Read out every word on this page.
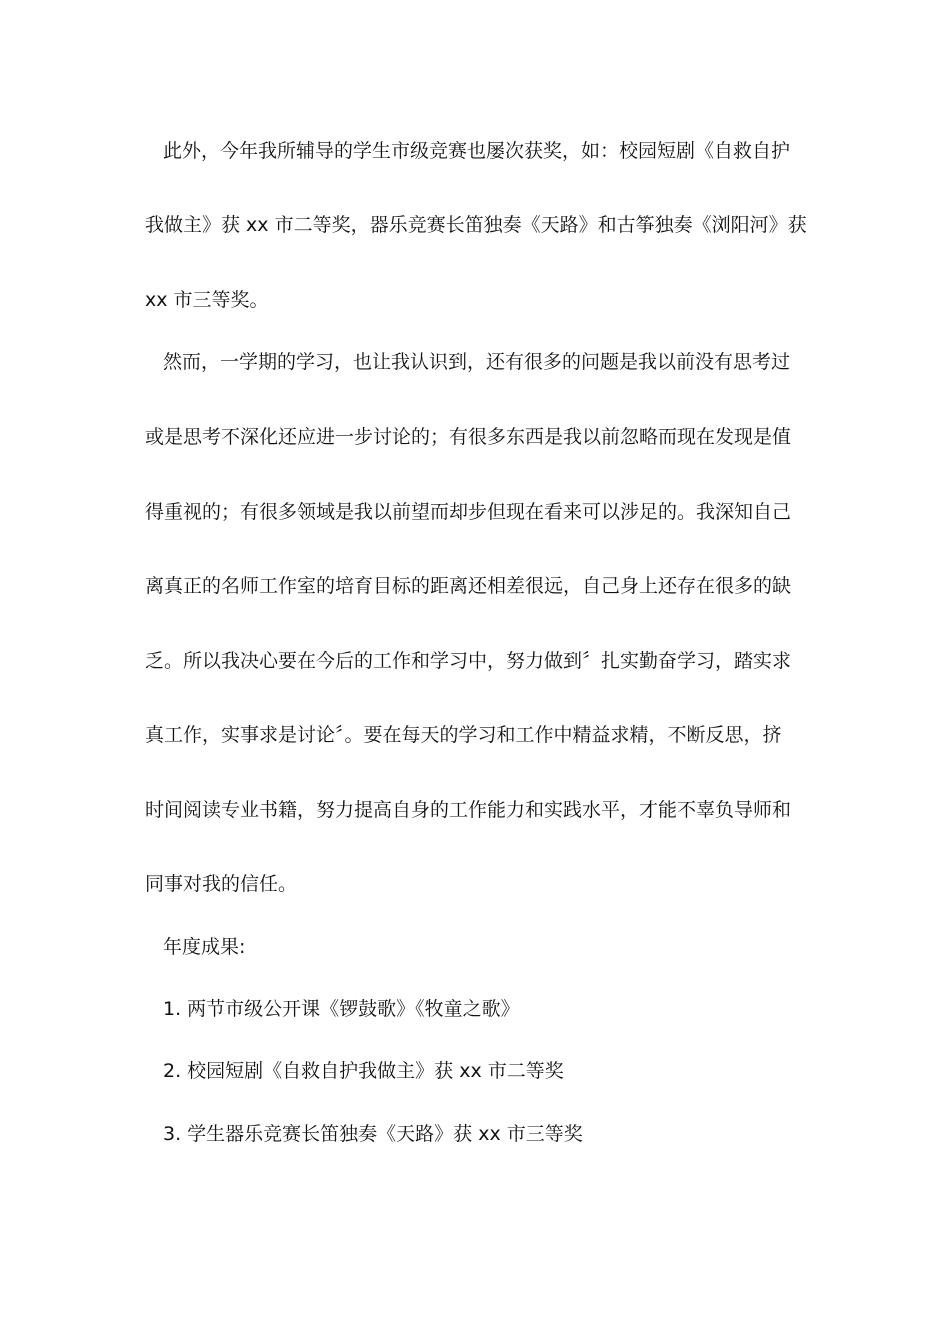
此外，今年我所辅导的学生市级竞赛也屡次获奖，如：校园短剧《自救自护

我做主》获 xx 市二等奖，器乐竞赛长笛独奏《天路》和古筝独奏《浏阳河》获

xx 市三等奖。

然而，一学期的学习，也让我认识到，还有很多的问题是我以前没有思考过

或是思考不深化还应进一步讨论的；有很多东西是我以前忽略而现在发现是值

得重视的；有很多领域是我以前望而却步但现在看来可以涉足的。我深知自己

离真正的名师工作室的培育目标的距离还相差很远，自己身上还存在很多的缺

乏。所以我决心要在今后的工作和学习中，努力做到〞扎实勤奋学习，踏实求

真工作，实事求是讨论〞。要在每天的学习和工作中精益求精，不断反思，挤

时间阅读专业书籍，努力提高自身的工作能力和实践水平，才能不辜负导师和

同事对我的信任。

年度成果:

1. 两节市级公开课《锣鼓歌》《牧童之歌》

2. 校园短剧《自救自护我做主》获 xx 市二等奖

3. 学生器乐竞赛长笛独奏《天路》获 xx 市三等奖
